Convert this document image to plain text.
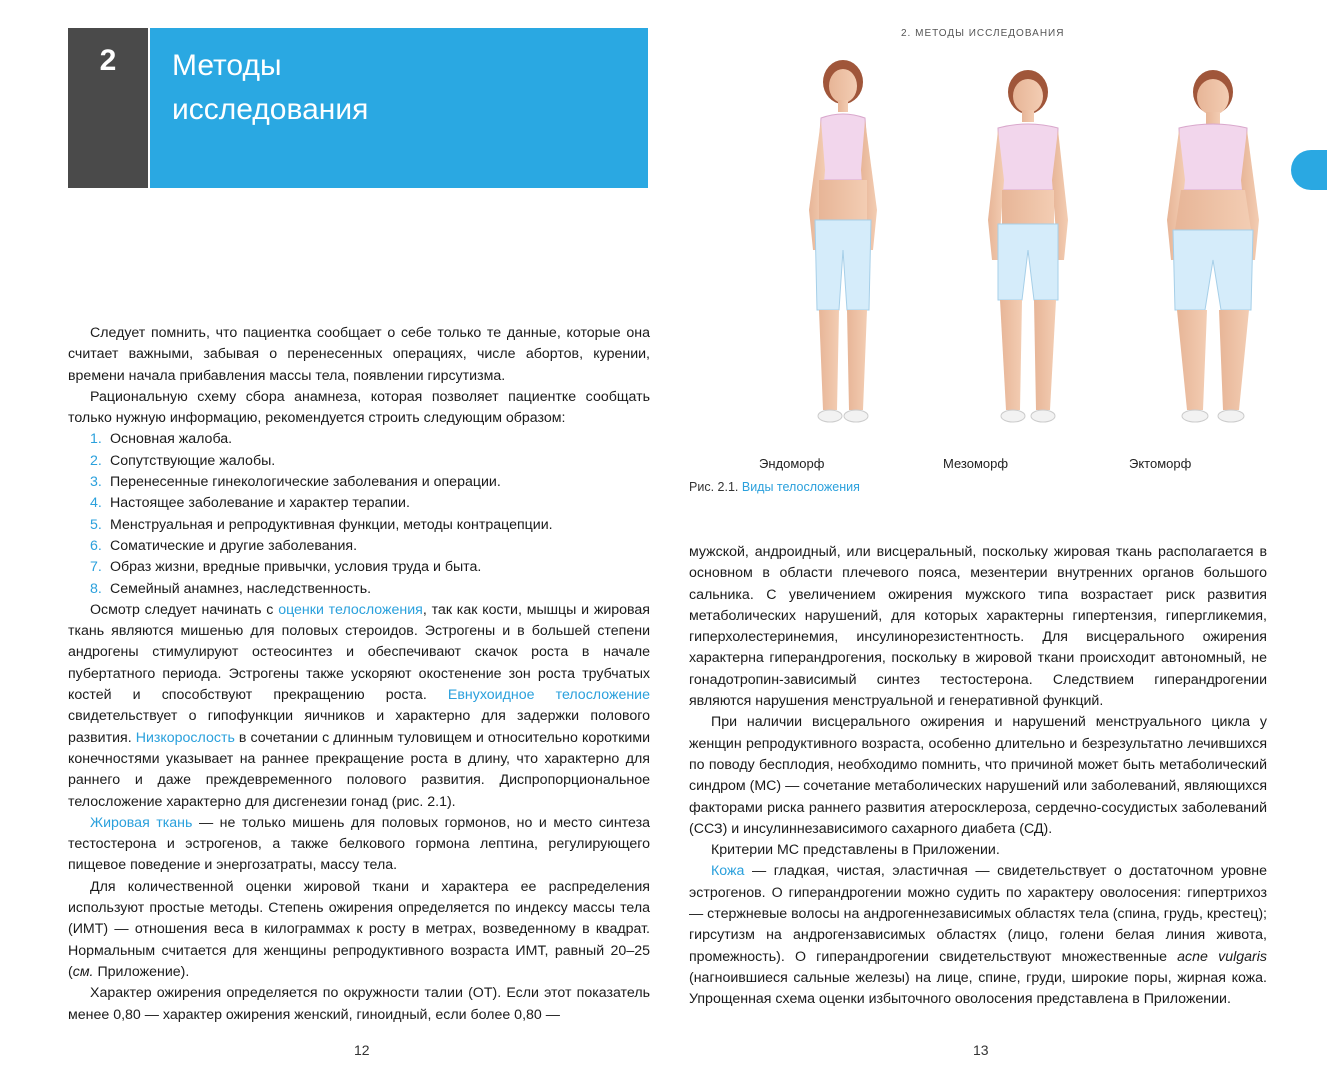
2	Методы
исследования

Следует помнить, что пациентка сообщает о себе только те данные, которые она считает важными, забывая о перенесенных операциях, числе абортов, курении, времени начала прибавления массы тела, появлении гирсутизма.

Рациональную схему сбора анамнеза, которая позволяет пациентке сообщать только нужную информацию, рекомендуется строить следующим образом:

1. Основная жалоба.
2. Сопутствующие жалобы.
3. Перенесенные гинекологические заболевания и операции.
4. Настоящее заболевание и характер терапии.
5. Менструальная и репродуктивная функции, методы контрацепции.
6. Соматические и другие заболевания.
7. Образ жизни, вредные привычки, условия труда и быта.
8. Семейный анамнез, наследственность.

Осмотр следует начинать с оценки телосложения, так как кости, мышцы и жировая ткань являются мишенью для половых стероидов. Эстрогены и в большей степени андрогены стимулируют остеосинтез и обеспечивают скачок роста в начале пубертатного периода. Эстрогены также ускоряют окостенение зон роста трубчатых костей и способствуют прекращению роста. Евнухоидное телосложение свидетельствует о гипофункции яичников и характерно для задержки полового развития. Низкорослость в сочетании с длинным туловищем и относительно короткими конечностями указывает на раннее прекращение роста в длину, что характерно для раннего и даже преждевременного полового развития. Диспропорциональное телосложение характерно для дисгенезии гонад (рис. 2.1).

Жировая ткань — не только мишень для половых гормонов, но и место синтеза тестостерона и эстрогенов, а также белкового гормона лептина, регулирующего пищевое поведение и энергозатраты, массу тела.

Для количественной оценки жировой ткани и характера ее распределения используют простые методы. Степень ожирения определяется по индексу массы тела (ИМТ) — отношения веса в килограммах к росту в метрах, возведенному в квадрат. Нормальным считается для женщины репродуктивного возраста ИМТ, равный 20–25 (см. Приложение).

Характер ожирения определяется по окружности талии (ОТ). Если этот показатель менее 0,80 — характер ожирения женский, гиноидный, если более 0,80 —

12
2. МЕТОДЫ ИССЛЕДОВАНИЯ
Эндоморф	Мезоморф	Эктоморф
Рис. 2.1. Виды телосложения

мужской, андроидный, или висцеральный, поскольку жировая ткань располагается в основном в области плечевого пояса, мезентерии внутренних органов большого сальника. С увеличением ожирения мужского типа возрастает риск развития метаболических нарушений, для которых характерны гипертензия, гипергликемия, гиперхолестеринемия, инсулинорезистентность. Для висцерального ожирения характерна гиперандрогения, поскольку в жировой ткани происходит автономный, не гонадотропин-зависимый синтез тестостерона. Следствием гиперандрогении являются нарушения менструальной и генеративной функций.

При наличии висцерального ожирения и нарушений менструального цикла у женщин репродуктивного возраста, особенно длительно и безрезультатно лечившихся по поводу бесплодия, необходимо помнить, что причиной может быть метаболический синдром (МС) — сочетание метаболических нарушений или заболеваний, являющихся факторами риска раннего развития атеросклероза, сердечно-сосудистых заболеваний (ССЗ) и инсулиннезависимого сахарного диабета (СД).

Критерии МС представлены в Приложении.

Кожа — гладкая, чистая, эластичная — свидетельствует о достаточном уровне эстрогенов. О гиперандрогении можно судить по характеру оволосения: гипертрихоз — стержневые волосы на андрогеннезависимых областях тела (спина, грудь, крестец); гирсутизм на андрогензависимых областях (лицо, голени белая линия живота, промежность). О гиперандрогении свидетельствуют множественные acne vulgaris (нагноившиеся сальные железы) на лице, спине, груди, широкие поры, жирная кожа. Упрощенная схема оценки избыточного оволосения представлена в Приложении.

13
